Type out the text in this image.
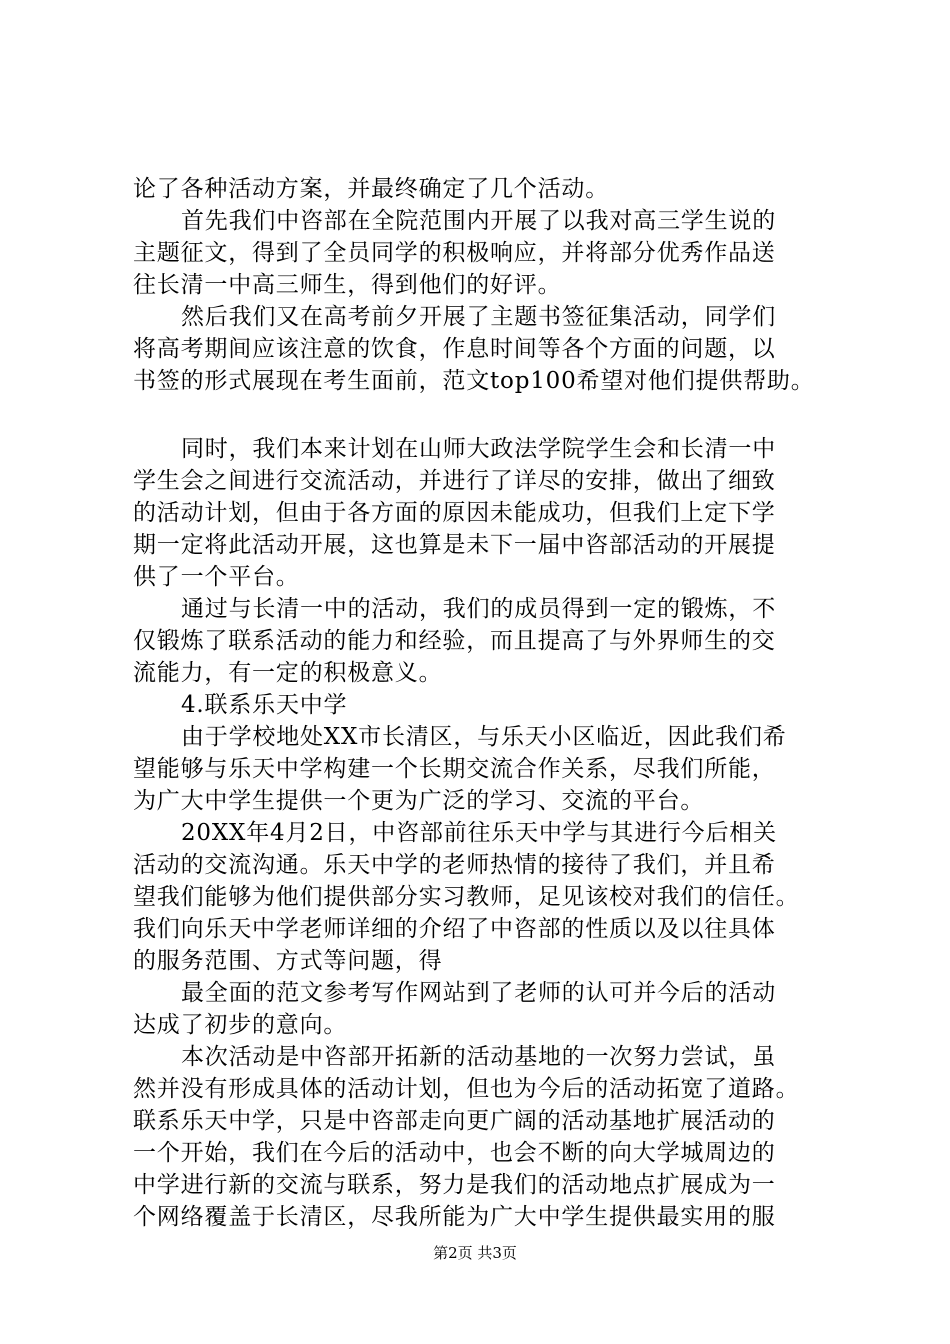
论了各种活动方案，并最终确定了几个活动。
首先我们中咨部在全院范围内开展了以我对高三学生说的
主题征文，得到了全员同学的积极响应，并将部分优秀作品送
往长清一中高三师生，得到他们的好评。
然后我们又在高考前夕开展了主题书签征集活动，同学们
将高考期间应该注意的饮食，作息时间等各个方面的问题，以
书签的形式展现在考生面前，范文top100希望对他们提供帮助。
同时，我们本来计划在山师大政法学院学生会和长清一中
学生会之间进行交流活动，并进行了详尽的安排，做出了细致
的活动计划，但由于各方面的原因未能成功，但我们上定下学
期一定将此活动开展，这也算是未下一届中咨部活动的开展提
供了一个平台。
通过与长清一中的活动，我们的成员得到一定的锻炼，不
仅锻炼了联系活动的能力和经验，而且提高了与外界师生的交
流能力，有一定的积极意义。
4.联系乐天中学
由于学校地处XX市长清区，与乐天小区临近，因此我们希
望能够与乐天中学构建一个长期交流合作关系，尽我们所能，
为广大中学生提供一个更为广泛的学习、交流的平台。
20XX年4月2日，中咨部前往乐天中学与其进行今后相关
活动的交流沟通。乐天中学的老师热情的接待了我们，并且希
望我们能够为他们提供部分实习教师，足见该校对我们的信任。
我们向乐天中学老师详细的介绍了中咨部的性质以及以往具体
的服务范围、方式等问题，得
最全面的范文参考写作网站到了老师的认可并今后的活动
达成了初步的意向。
本次活动是中咨部开拓新的活动基地的一次努力尝试，虽
然并没有形成具体的活动计划，但也为今后的活动拓宽了道路。
联系乐天中学，只是中咨部走向更广阔的活动基地扩展活动的
一个开始，我们在今后的活动中，也会不断的向大学城周边的
中学进行新的交流与联系，努力是我们的活动地点扩展成为一
个网络覆盖于长清区，尽我所能为广大中学生提供最实用的服
第2页 共3页
